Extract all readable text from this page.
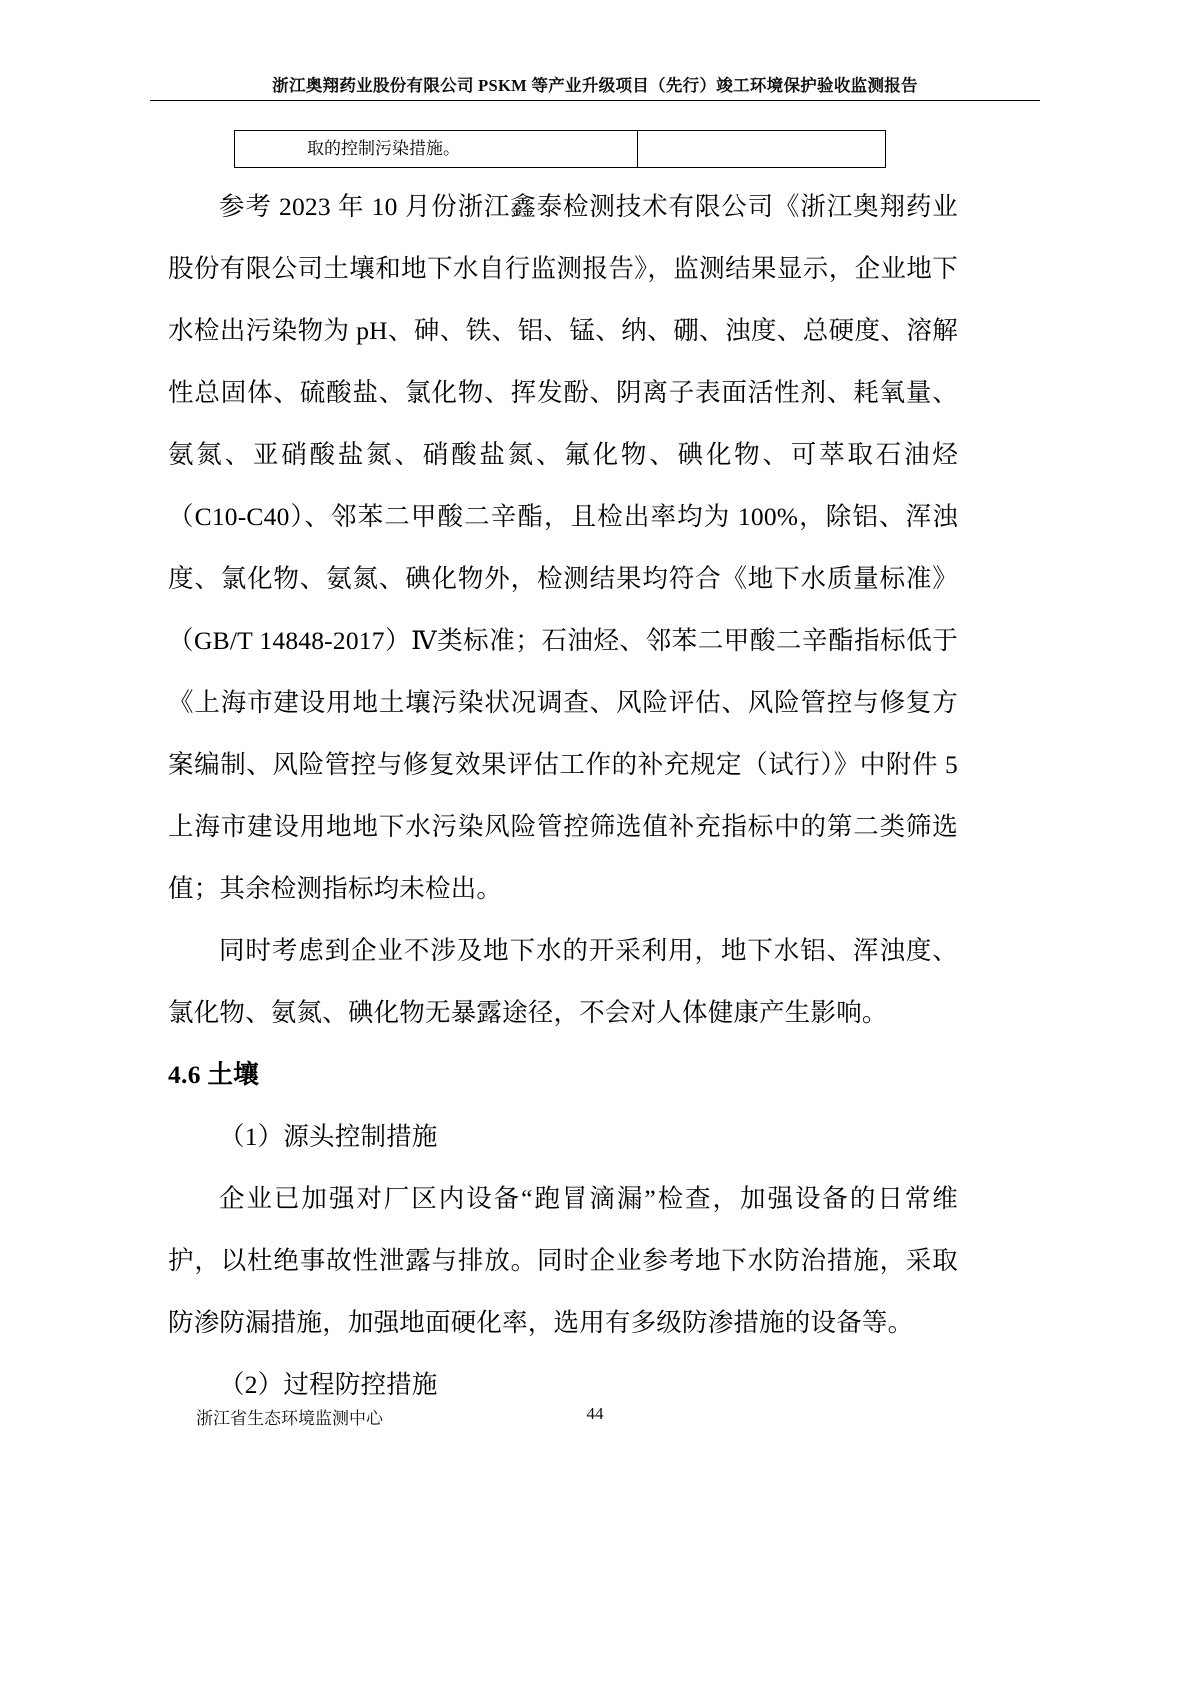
浙江奥翔药业股份有限公司 PSKM 等产业升级项目（先行）竣工环境保护验收监测报告
取的控制污染措施。

参考 2023 年 10 月份浙江鑫泰检测技术有限公司《浙江奥翔药业股份有限公司土壤和地下水自行监测报告》，监测结果显示，企业地下水检出污染物为 pH、砷、铁、铝、锰、纳、硼、浊度、总硬度、溶解性总固体、硫酸盐、氯化物、挥发酚、阴离子表面活性剂、耗氧量、氨氮、亚硝酸盐氮、硝酸盐氮、氟化物、碘化物、可萃取石油烃（C10-C40）、邻苯二甲酸二辛酯，且检出率均为 100%，除铝、浑浊度、氯化物、氨氮、碘化物外，检测结果均符合《地下水质量标准》（GB/T 14848-2017）Ⅳ类标准；石油烃、邻苯二甲酸二辛酯指标低于《上海市建设用地土壤污染状况调查、风险评估、风险管控与修复方案编制、风险管控与修复效果评估工作的补充规定（试行）》中附件 5 上海市建设用地地下水污染风险管控筛选值补充指标中的第二类筛选值；其余检测指标均未检出。

同时考虑到企业不涉及地下水的开采利用，地下水铝、浑浊度、氯化物、氨氮、碘化物无暴露途径，不会对人体健康产生影响。

4.6 土壤

（1）源头控制措施

企业已加强对厂区内设备“跑冒滴漏”检查，加强设备的日常维护，以杜绝事故性泄露与排放。同时企业参考地下水防治措施，采取防渗防漏措施，加强地面硬化率，选用有多级防渗措施的设备等。

（2）过程防控措施

浙江省生态环境监测中心	44
